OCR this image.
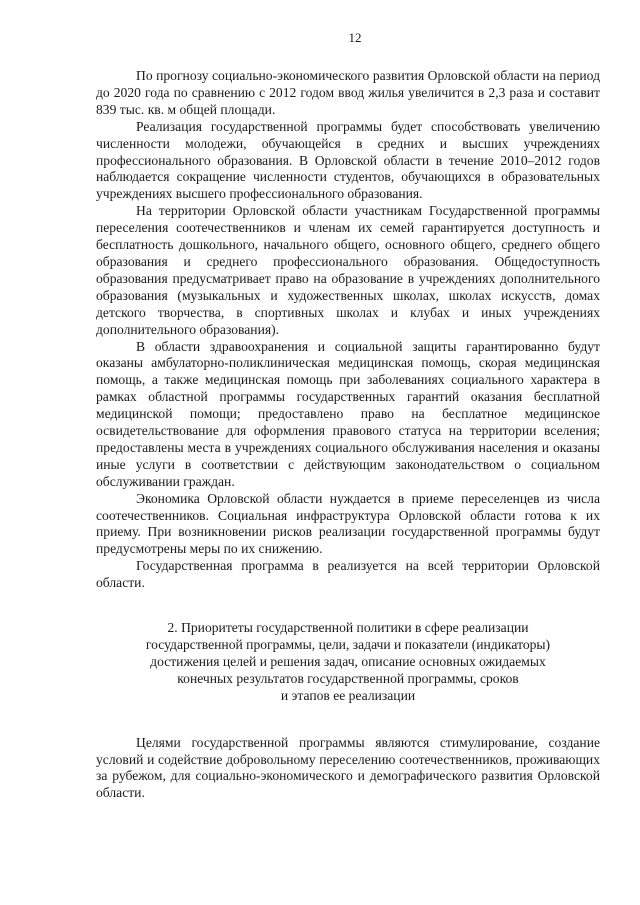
12

По прогнозу социально-экономического развития Орловской области на период до 2020 года по сравнению с 2012 годом ввод жилья увеличится в 2,3 раза и составит 839 тыс. кв. м общей площади.

Реализация государственной программы будет способствовать увеличению численности молодежи, обучающейся в средних и высших учреждениях профессионального образования. В Орловской области в течение 2010–2012 годов наблюдается сокращение численности студентов, обучающихся в образовательных учреждениях высшего профессионального образования.

На территории Орловской области участникам Государственной программы переселения соотечественников и членам их семей гарантируется доступность и бесплатность дошкольного, начального общего, основного общего, среднего общего образования и среднего профессионального образования. Общедоступность образования предусматривает право на образование в учреждениях дополнительного образования (музыкальных и художественных школах, школах искусств, домах детского творчества, в спортивных школах и клубах и иных учреждениях дополнительного образования).

В области здравоохранения и социальной защиты гарантированно будут оказаны амбулаторно-поликлиническая медицинская помощь, скорая медицинская помощь, а также медицинская помощь при заболеваниях социального характера в рамках областной программы государственных гарантий оказания бесплатной медицинской помощи; предоставлено право на бесплатное медицинское освидетельствование для оформления правового статуса на территории вселения; предоставлены места в учреждениях социального обслуживания населения и оказаны иные услуги в соответствии с действующим законодательством о социальном обслуживании граждан.

Экономика Орловской области нуждается в приеме переселенцев из числа соотечественников. Социальная инфраструктура Орловской области готова к их приему. При возникновении рисков реализации государственной программы будут предусмотрены меры по их снижению.

Государственная программа в реализуется на всей территории Орловской области.

2. Приоритеты государственной политики в сфере реализации
государственной программы, цели, задачи и показатели (индикаторы)
достижения целей и решения задач, описание основных ожидаемых
конечных результатов государственной программы, сроков
и этапов ее реализации

Целями государственной программы являются стимулирование, создание условий и содействие добровольному переселению соотечественников, проживающих за рубежом, для социально-экономического и демографического развития Орловской области.
